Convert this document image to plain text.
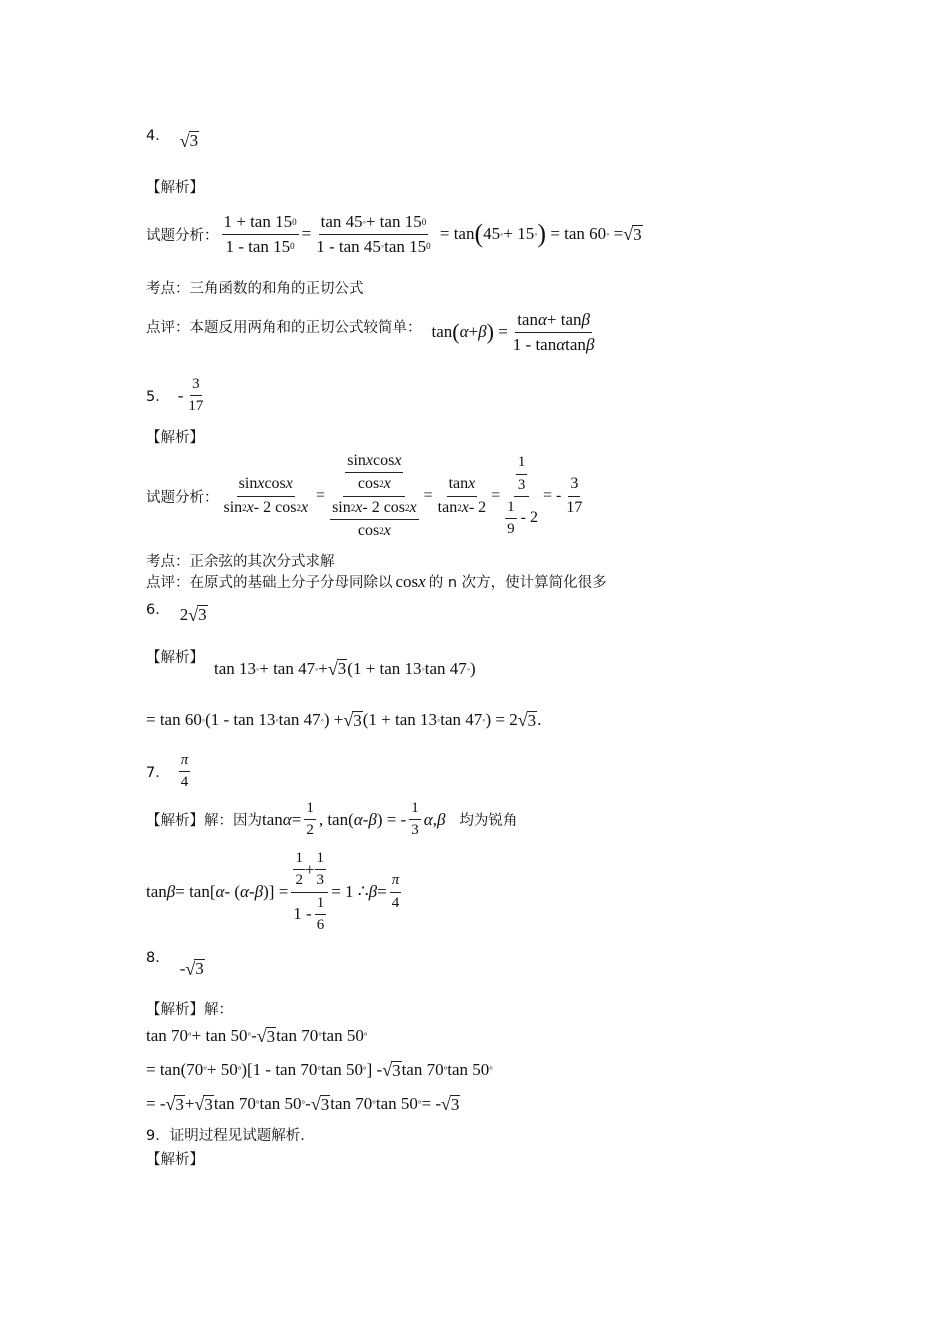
4． √ 3
【解析】
试题分析： $\frac{1 + \tan 15 0}{1 - \tan 15 0} = \frac{\tan 45 ◦ + \tan 15 0}{1 - \tan 45 ◦ \tan 15 0} = \tan$ ( 45 ◦ + 15 ◦ ) = tan 60 ◦ = √ 3
考点：三角函数的和角的正切公式
点评：本题反用两角和的正切公式较简单： tan ( α + β ) = $\frac{\text{tan α + tan β}}{\text{1 - tan α tan β}}$
5． - $\frac{3}{17}$
【解析】
试题分析： $\frac{\text{sin x cos x}}{\sin 2 x - 2 \cos 2 x} = \frac{\frac{\text{sin x cos x}}{\cos 2 x}}{\frac{\sin 2 x - 2 \cos 2 x}{\cos 2 x}} = \frac{\text{tan x}}{\tan 2 x - 2} = \frac{\frac{1}{3}}{\frac{1}{9} - 2}$ = - $\frac{3}{17}$
考点：正余弦的其次分式求解
点评：在原式的基础上分子分母同除以 cos x 的 n 次方，使计算简化很多
6． 2 √ 3
【解析】
tan 13 ◦ + tan 47 ◦ + √ 3 (1 + tan 13 ◦ tan 47 ◦ )
= tan 60 ◦ (1 - tan 13 ◦ tan 47 ◦ ) + √ 3 (1 + tan 13 ◦ tan 47 ◦ ) = 2 √ 3 .
7． $\frac{\pi}{4}$
【解析】解：因为 $\tan \alpha = \frac{1}{2}$ , tan( α - β ) = - $\frac{1}{3}$ α , β 均为锐角
tan β = tan[ α - ( α - β )] = $\frac{\frac{1}{2} + \frac{1}{3}}{1 - \frac{1}{6}} = 1$ ∴ $\beta = \frac{\pi}{4}$
8．
- √ 3
【解析】解：
tan 70 ° + tan 50 ° - √ 3 tan 70 ° tan 50 °
= tan(70 ° + 50 ° )[1 - tan 70 ° tan 50 ° ] - √ 3 tan 70 ° tan 50 °
= - √ 3 + √ 3 tan 70 ° tan 50 ° - √ 3 tan 70 ° tan 50 ° = - √ 3
9．证明过程见试题解析.
【解析】
